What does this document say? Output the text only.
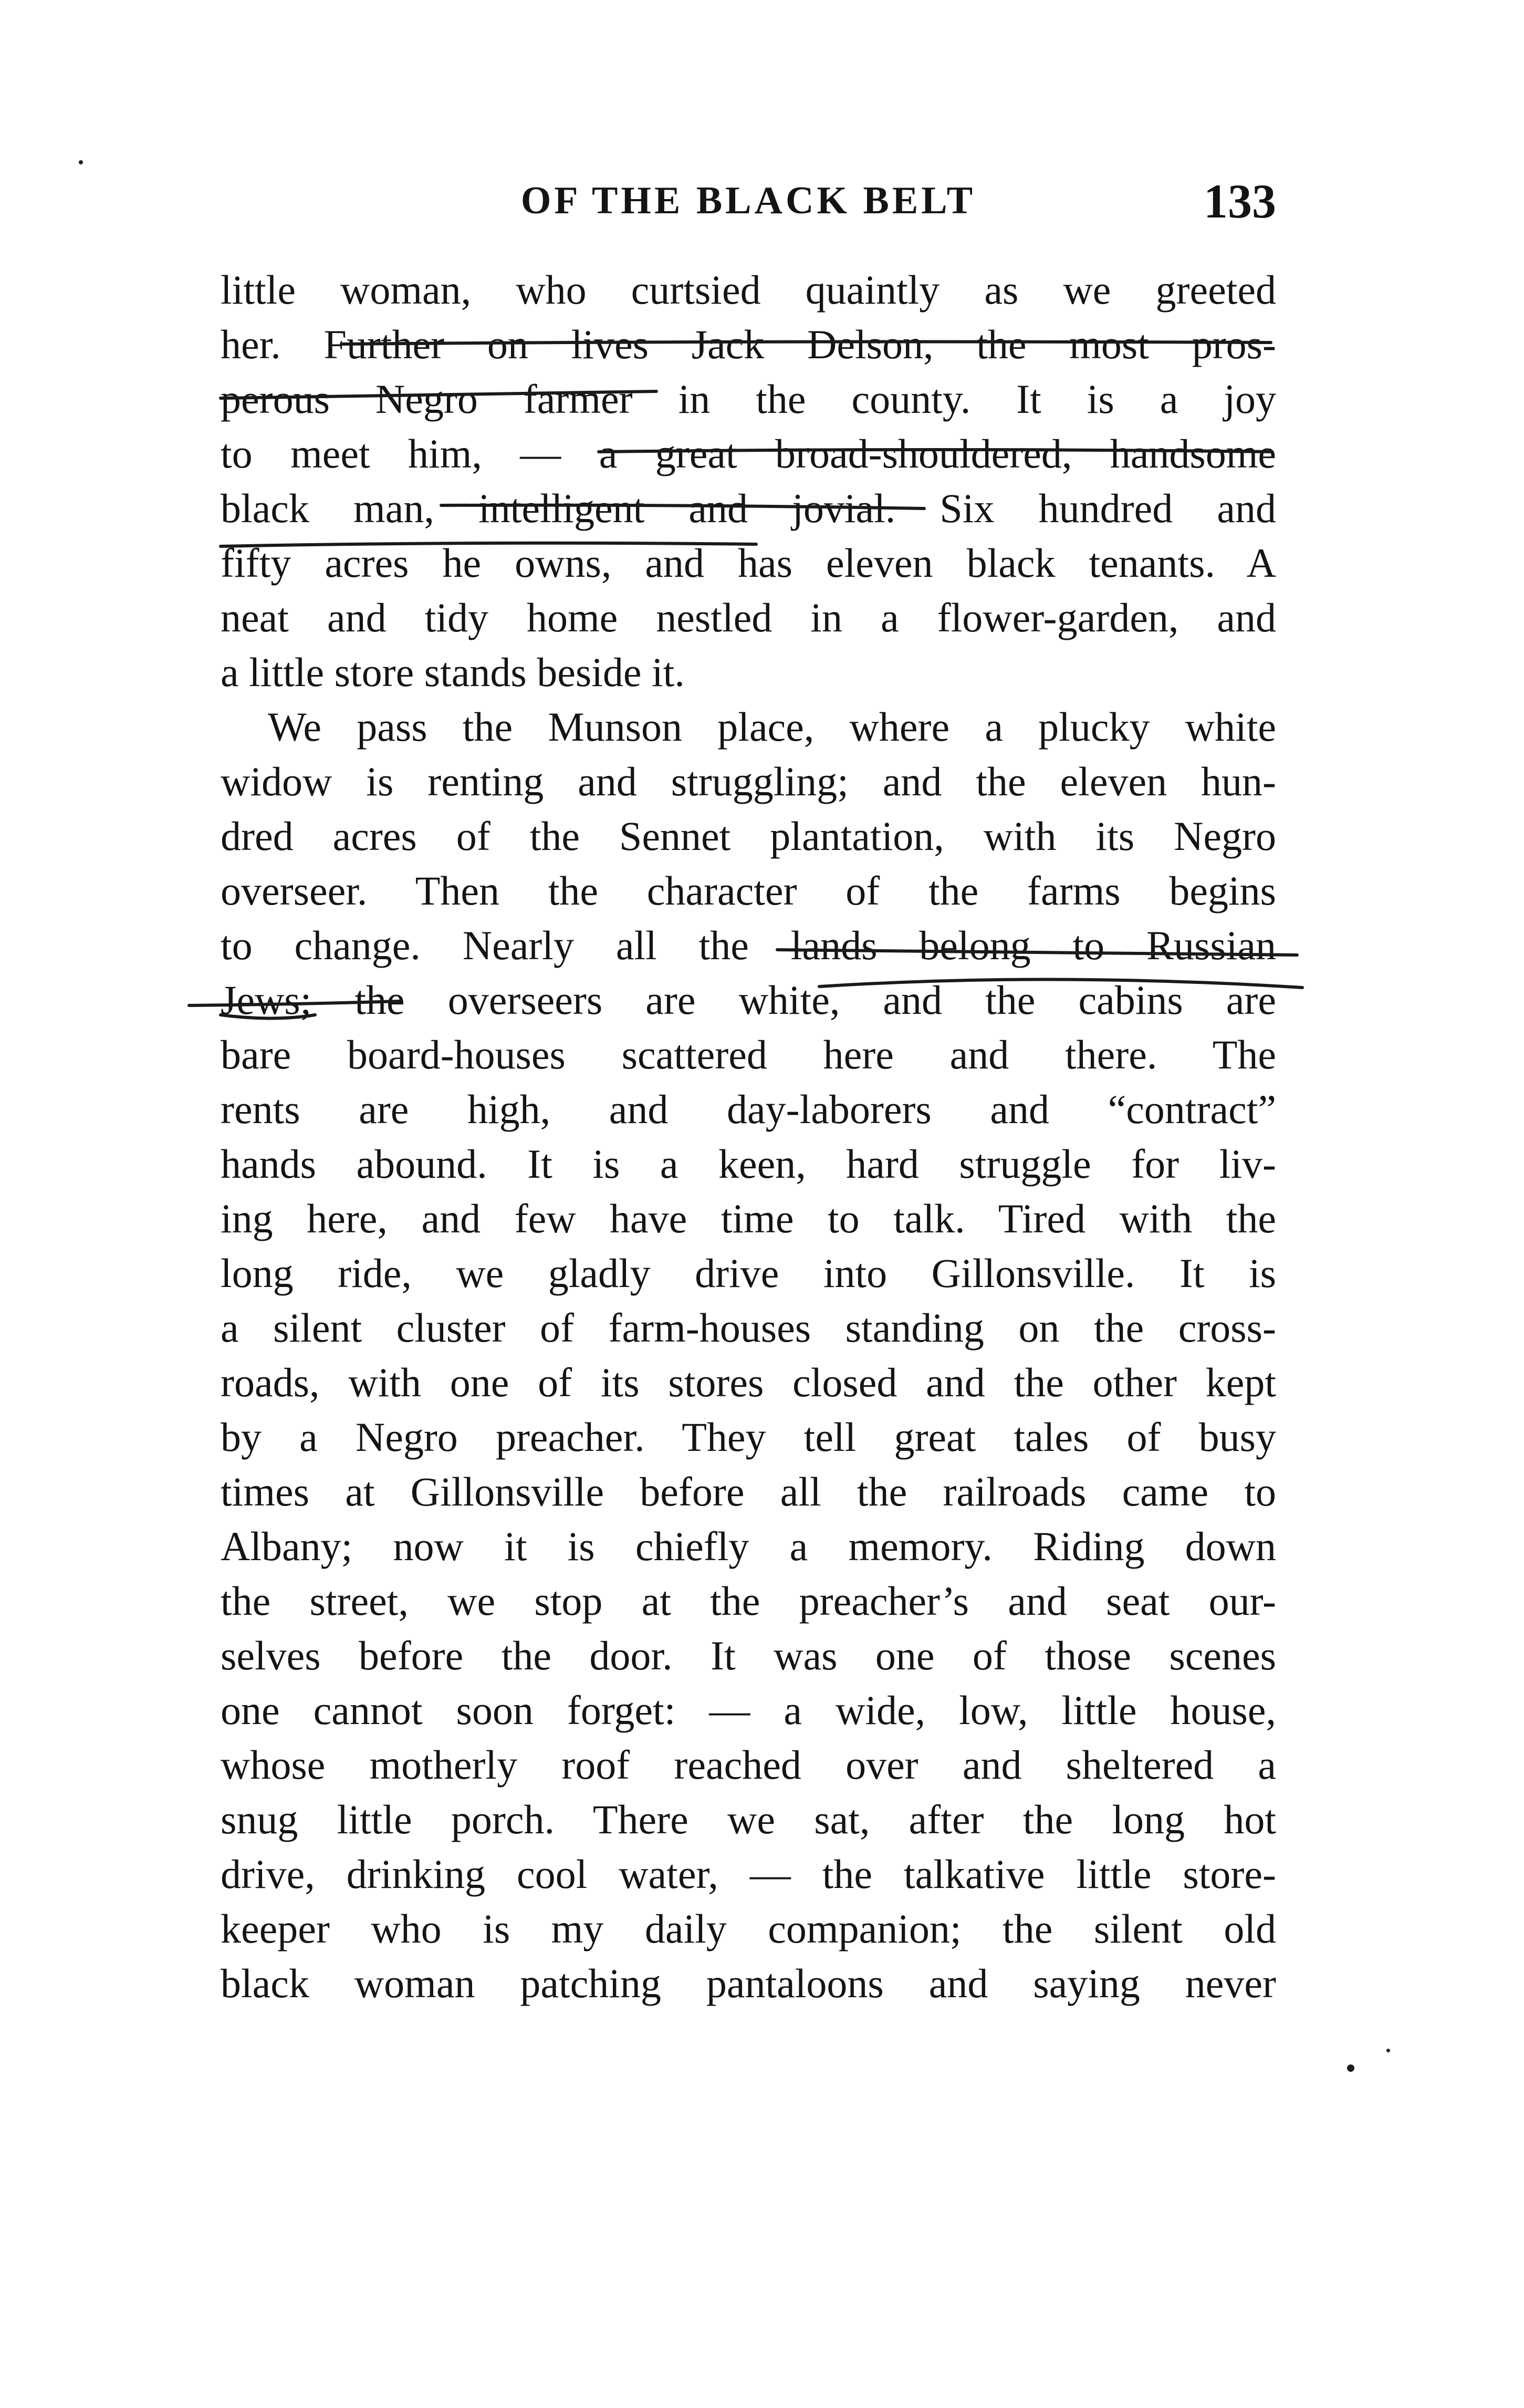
OF THE BLACK BELT	133
little woman, who curtsied quaintly as we greeted
her. Further on lives Jack Delson, the most pros-
perous Negro farmer in the county. It is a joy
to meet him, — a great broad-shouldered, handsome
black man, intelligent and jovial. Six hundred and
fifty acres he owns, and has eleven black tenants. A
neat and tidy home nestled in a flower-garden, and
a little store stands beside it.
We pass the Munson place, where a plucky white
widow is renting and struggling; and the eleven hun-
dred acres of the Sennet plantation, with its Negro
overseer. Then the character of the farms begins
to change. Nearly all the lands belong to Russian
Jews; the overseers are white, and the cabins are
bare board-houses scattered here and there. The
rents are high, and day-laborers and “contract”
hands abound. It is a keen, hard struggle for liv-
ing here, and few have time to talk. Tired with the
long ride, we gladly drive into Gillonsville. It is
a silent cluster of farm-houses standing on the cross-
roads, with one of its stores closed and the other kept
by a Negro preacher. They tell great tales of busy
times at Gillonsville before all the railroads came to
Albany; now it is chiefly a memory. Riding down
the street, we stop at the preacher’s and seat our-
selves before the door. It was one of those scenes
one cannot soon forget: — a wide, low, little house,
whose motherly roof reached over and sheltered a
snug little porch. There we sat, after the long hot
drive, drinking cool water, — the talkative little store-
keeper who is my daily companion; the silent old
black woman patching pantaloons and saying never
